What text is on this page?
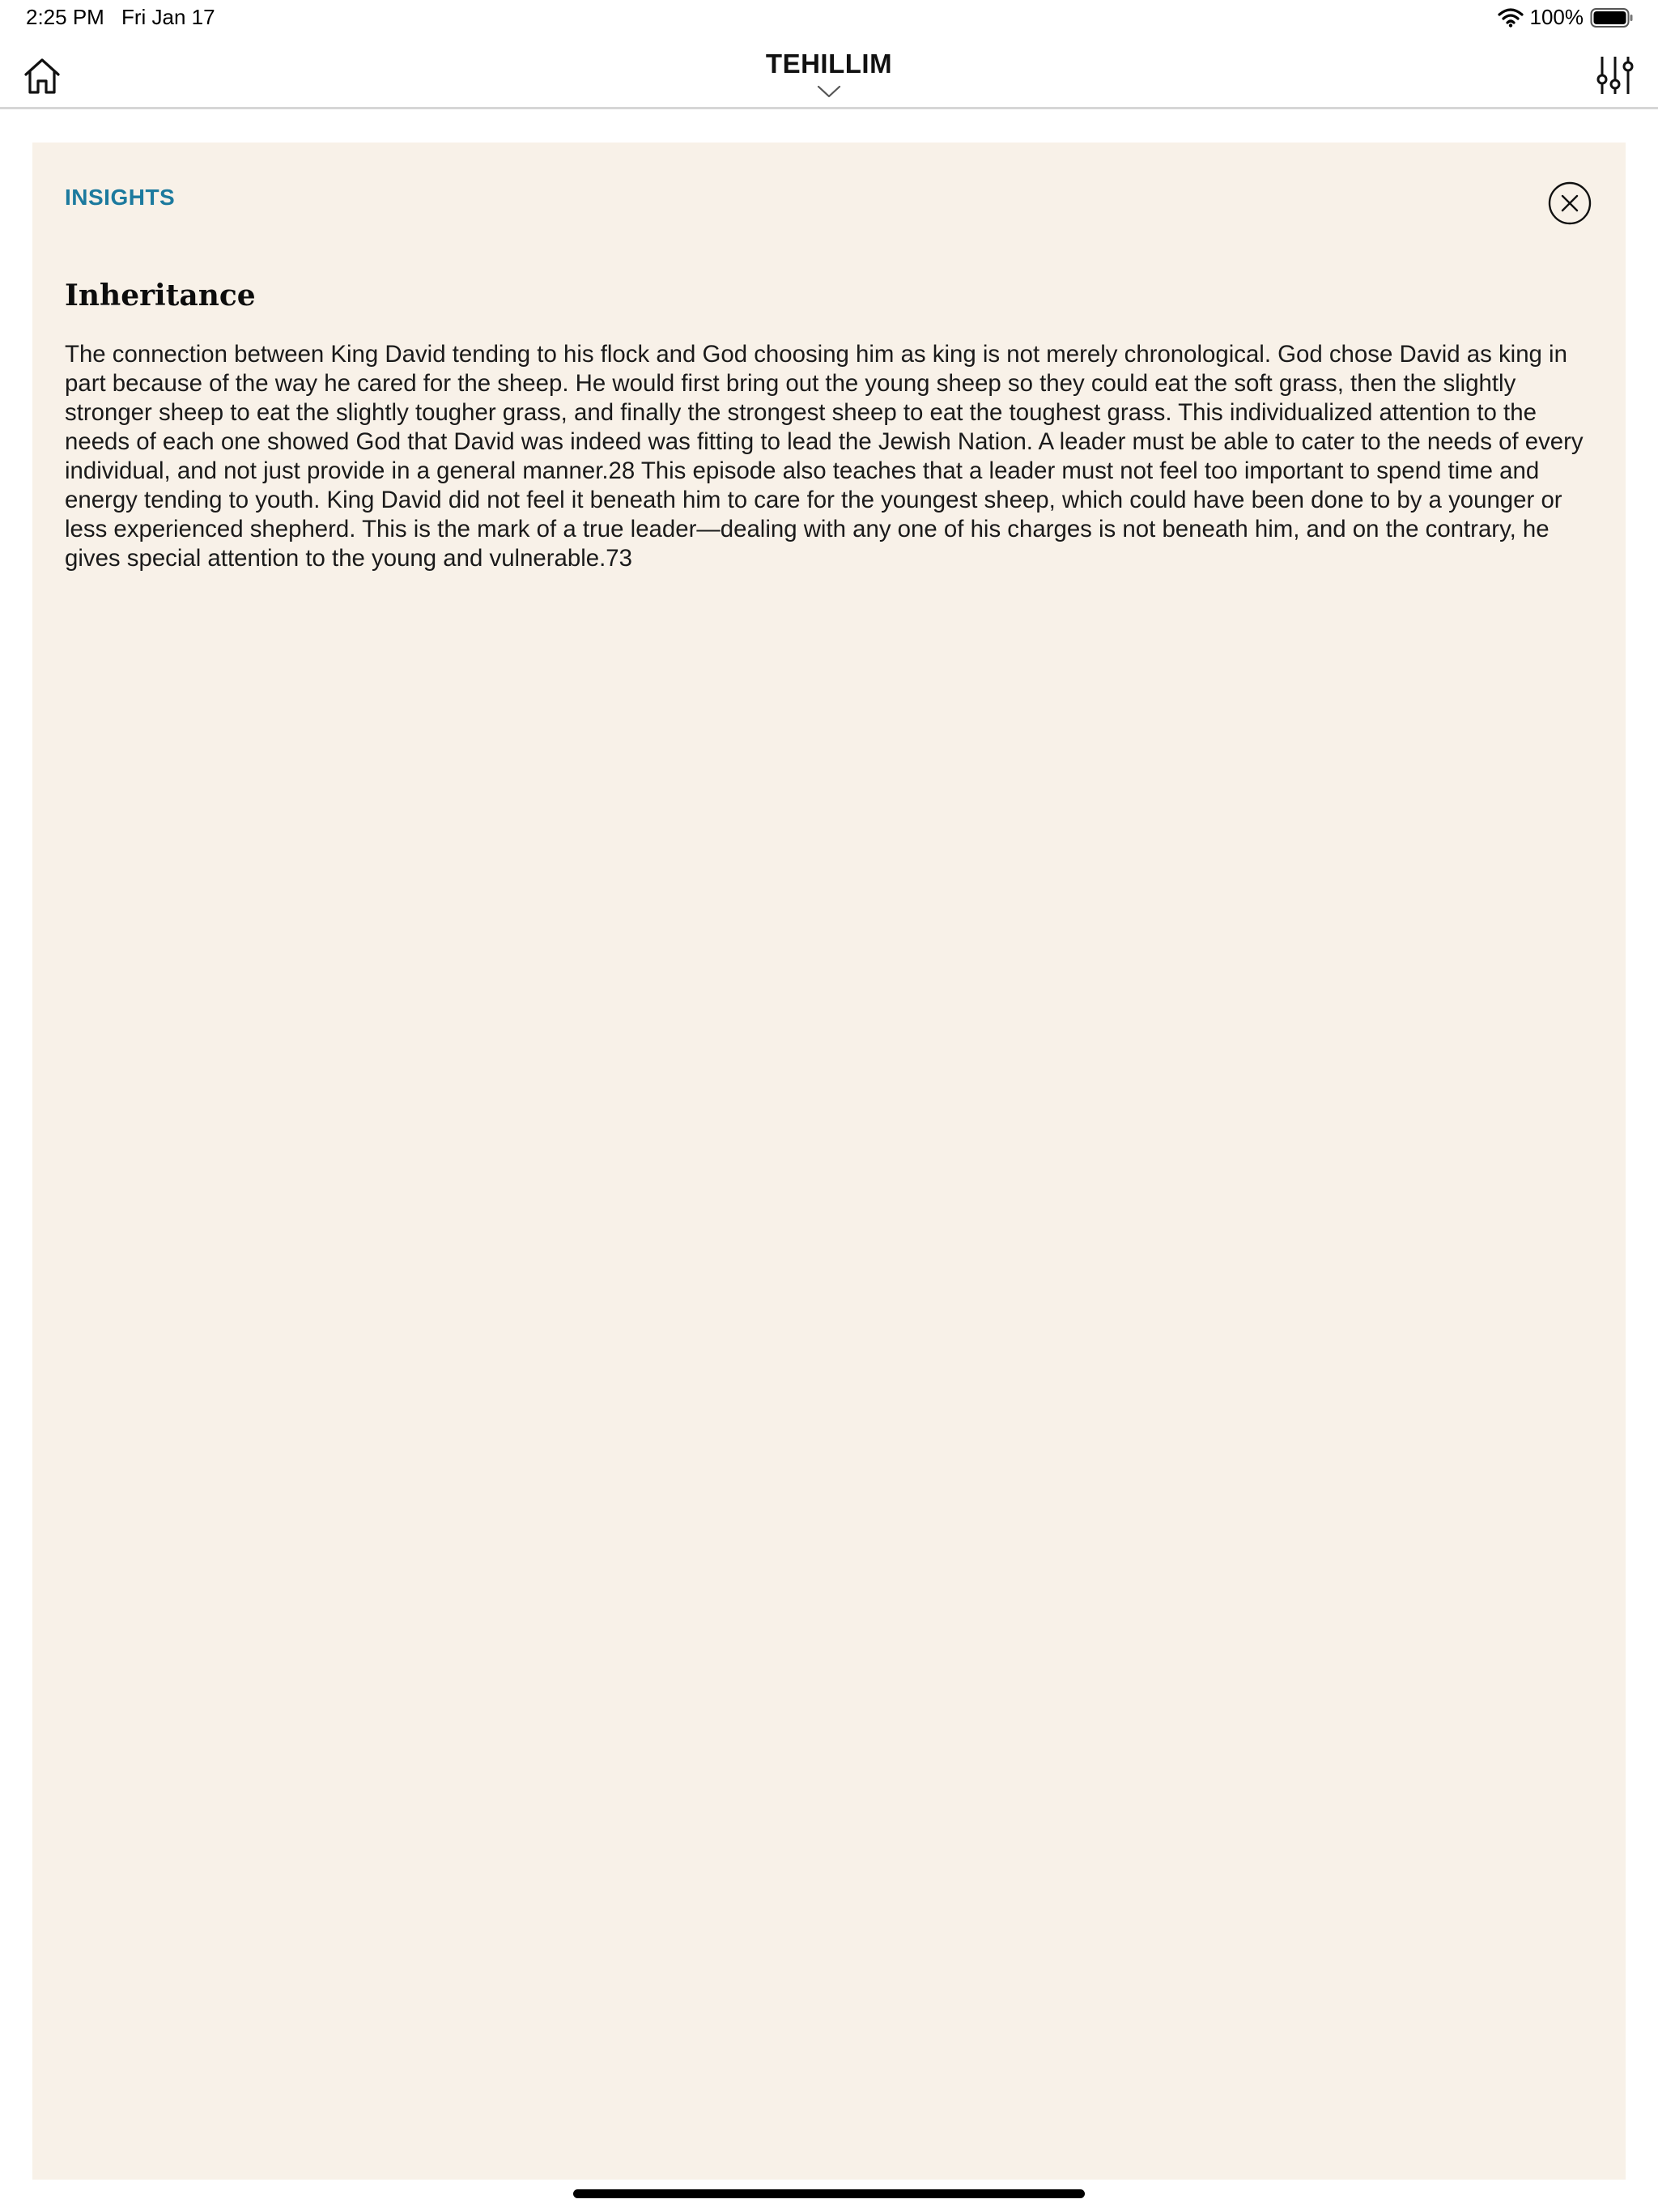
2:25 PM Fri Jan 17	100%
TEHILLIM
INSIGHTS
Inheritance
The connection between King David tending to his flock and God choosing him as king is not merely chronological. God chose David as king in part because of the way he cared for the sheep. He would first bring out the young sheep so they could eat the soft grass, then the slightly stronger sheep to eat the slightly tougher grass, and finally the strongest sheep to eat the toughest grass. This individualized attention to the needs of each one showed God that David was indeed was fitting to lead the Jewish Nation. A leader must be able to cater to the needs of every individual, and not just provide in a general manner.28 This episode also teaches that a leader must not feel too important to spend time and energy tending to youth. King David did not feel it beneath him to care for the youngest sheep, which could have been done to by a younger or less experienced shepherd. This is the mark of a true leader—dealing with any one of his charges is not beneath him, and on the contrary, he gives special attention to the young and vulnerable.73
